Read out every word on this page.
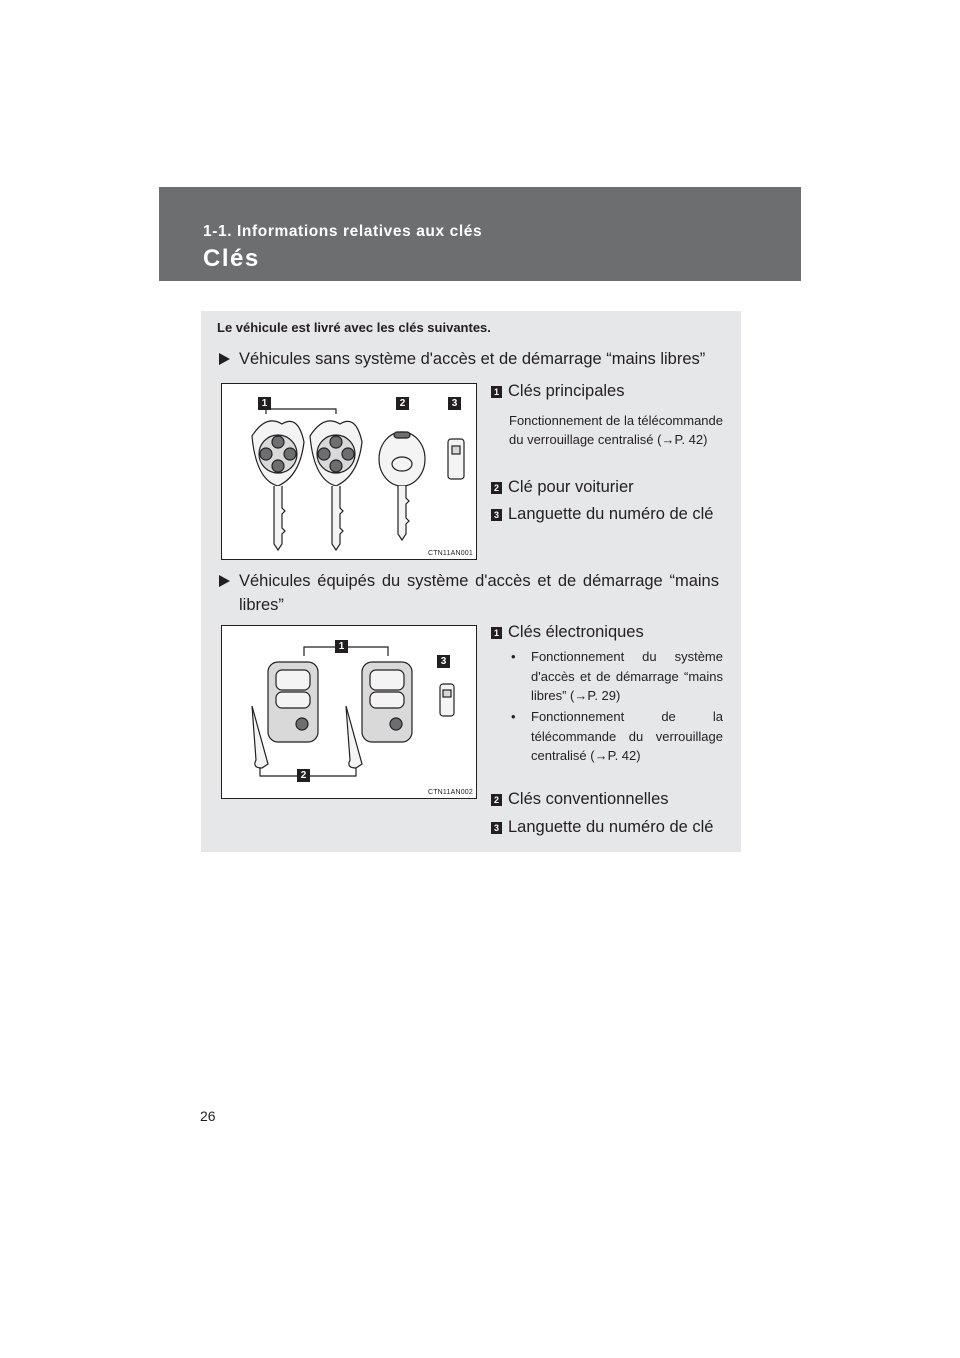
1-1. Informations relatives aux clés
Clés
Le véhicule est livré avec les clés suivantes.
Véhicules sans système d'accès et de démarrage “mains libres”
1	2	3
CTN11AN001
1 Clés principales
Fonctionnement de la télécommande du verrouillage centralisé (→P. 42)
2 Clé pour voiturier
3 Languette du numéro de clé
Véhicules équipés du système d'accès et de démarrage “mains libres”
1
2
3
CTN11AN002
1 Clés électroniques
•	Fonctionnement du système d'accès et de démarrage “mains libres” (→P. 29)
•	Fonctionnement de la télécommande du verrouillage centralisé (→P. 42)
2 Clés conventionnelles
3 Languette du numéro de clé
26
